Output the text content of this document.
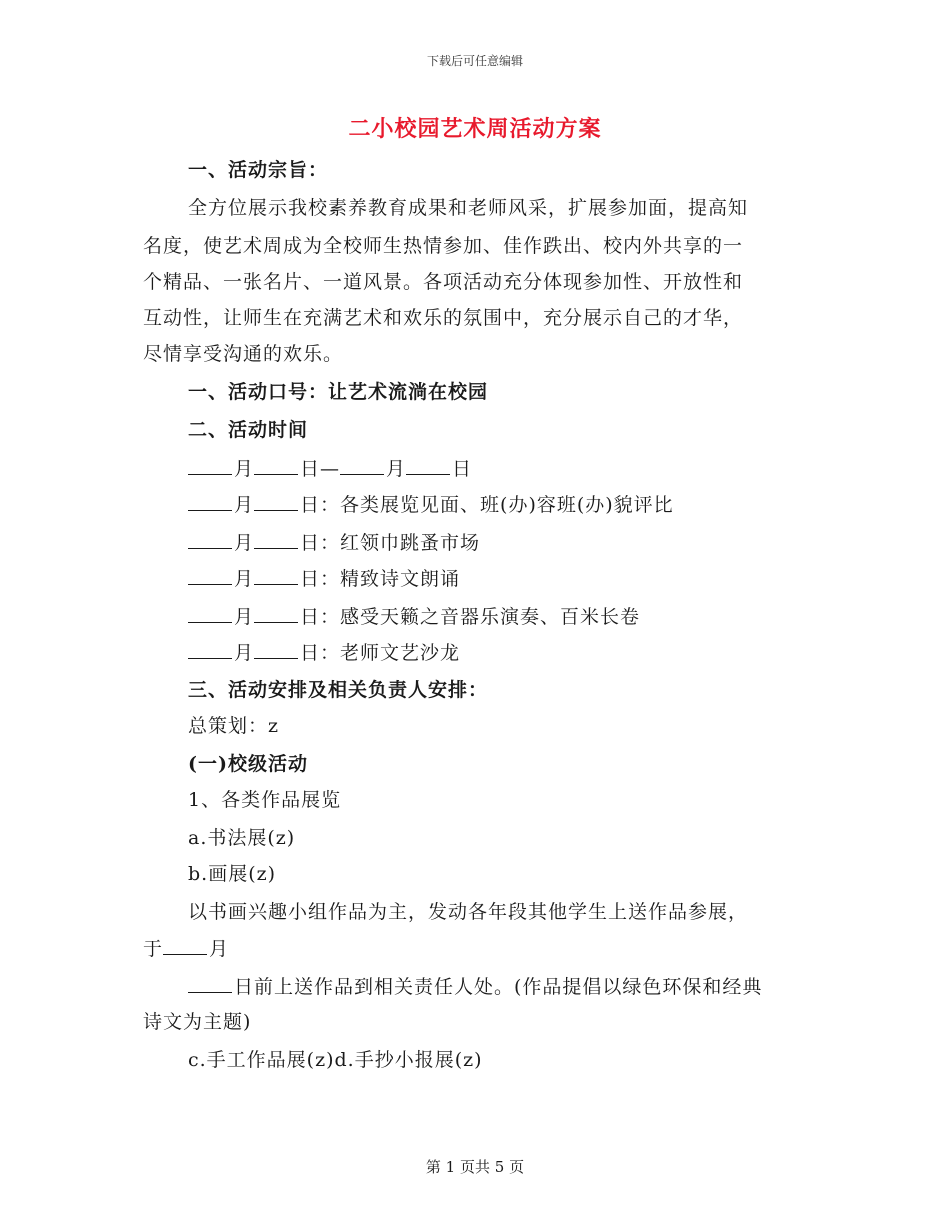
下载后可任意编辑
二小校园艺术周活动方案
一、活动宗旨：
全方位展示我校素养教育成果和老师风采，扩展参加面，提高知
名度，使艺术周成为全校师生热情参加、佳作跌出、校内外共享的一
个精品、一张名片、一道风景。各项活动充分体现参加性、开放性和
互动性，让师生在充满艺术和欢乐的氛围中，充分展示自己的才华，
尽情享受沟通的欢乐。
一、活动口号：让艺术流淌在校园
二、活动时间
月 日— 月 日
月 日：各类展览见面、班(办)容班(办)貌评比
月 日：红领巾跳蚤市场
月 日：精致诗文朗诵
月 日：感受天籁之音器乐演奏、百米长卷
月 日：老师文艺沙龙
三、活动安排及相关负责人安排：
总策划：z
(一)校级活动
1、各类作品展览
a.书法展(z)
b.画展(z)
以书画兴趣小组作品为主，发动各年段其他学生上送作品参展，
于 月
日前上送作品到相关责任人处。(作品提倡以绿色环保和经典
诗文为主题)
c.手工作品展(z)d.手抄小报展(z)
第 1 页共 5 页
